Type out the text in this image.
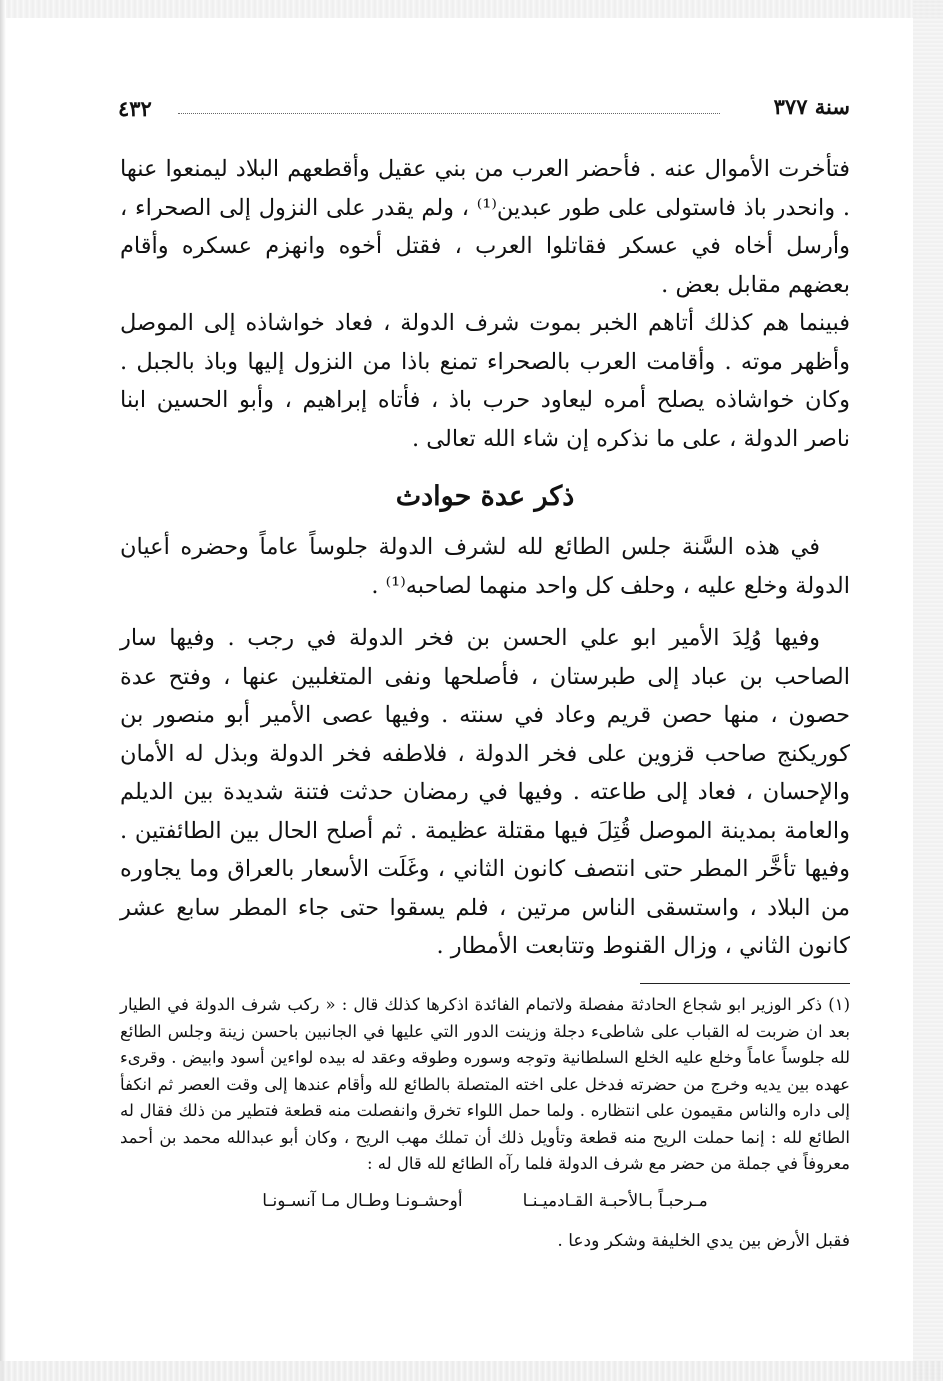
سنة ٣٧٧
٤٣٢

فتأخرت الأموال عنه . فأحضر العرب من بني عقيل وأقطعهم البلاد ليمنعوا عنها . وانحدر باذ فاستولى على طور عبدين⁽¹⁾ ، ولم يقدر على النزول إلى الصحراء ، وأرسل أخاه في عسكر فقاتلوا العرب ، فقتل أخوه وانهزم عسكره وأقام بعضهم مقابل بعض .

فبينما هم كذلك أتاهم الخبر بموت شرف الدولة ، فعاد خواشاذه إلى الموصل وأظهر موته . وأقامت العرب بالصحراء تمنع باذا من النزول إليها وباذ بالجبل . وكان خواشاذه يصلح أمره ليعاود حرب باذ ، فأتاه إبراهيم ، وأبو الحسين ابنا ناصر الدولة ، على ما نذكره إن شاء الله تعالى .

ذكر عدة حوادث

في هذه السَّنة جلس الطائع لله لشرف الدولة جلوساً عاماً وحضره أعيان الدولة وخلع عليه ، وحلف كل واحد منهما لصاحبه⁽¹⁾ .

وفيها وُلِدَ الأمير ابو علي الحسن بن فخر الدولة في رجب . وفيها سار الصاحب بن عباد إلى طبرستان ، فأصلحها ونفى المتغلبين عنها ، وفتح عدة حصون ، منها حصن قريم وعاد في سنته . وفيها عصى الأمير أبو منصور بن كوريكنج صاحب قزوين على فخر الدولة ، فلاطفه فخر الدولة وبذل له الأمان والإحسان ، فعاد إلى طاعته . وفيها في رمضان حدثت فتنة شديدة بين الديلم والعامة بمدينة الموصل قُتِلَ فيها مقتلة عظيمة . ثم أصلح الحال بين الطائفتين . وفيها تأخَّر المطر حتى انتصف كانون الثاني ، وغَلَت الأسعار بالعراق وما يجاوره من البلاد ، واستسقى الناس مرتين ، فلم يسقوا حتى جاء المطر سابع عشر كانون الثاني ، وزال القنوط وتتابعت الأمطار .

(١) ذكر الوزير ابو شجاع الحادثة مفصلة ولاتمام الفائدة اذكرها كذلك قال : « ركب شرف الدولة في الطيار بعد ان ضربت له القباب على شاطىء دجلة وزينت الدور التي عليها في الجانبين باحسن زينة وجلس الطائع لله جلوساً عاماً وخلع عليه الخلع السلطانية وتوجه وسوره وطوقه وعقد له بيده لواءين أسود وابيض . وقرىء عهده بين يديه وخرج من حضرته فدخل على اخته المتصلة بالطائع لله وأقام عندها إلى وقت العصر ثم انكفأ إلى داره والناس مقيمون على انتظاره . ولما حمل اللواء تخرق وانفصلت منه قطعة فتطير من ذلك فقال له الطائع لله : إنما حملت الريح منه قطعة وتأويل ذلك أن تملك مهب الريح ، وكان أبو عبدالله محمد بن أحمد معروفاً في جملة من حضر مع شرف الدولة فلما رآه الطائع لله قال له :

مـرحبـاً بـالأحبـة القـادميـنـا
أوحشـونـا وطـال مـا آنسـونـا

فقبل الأرض بين يدي الخليفة وشكر ودعا .
